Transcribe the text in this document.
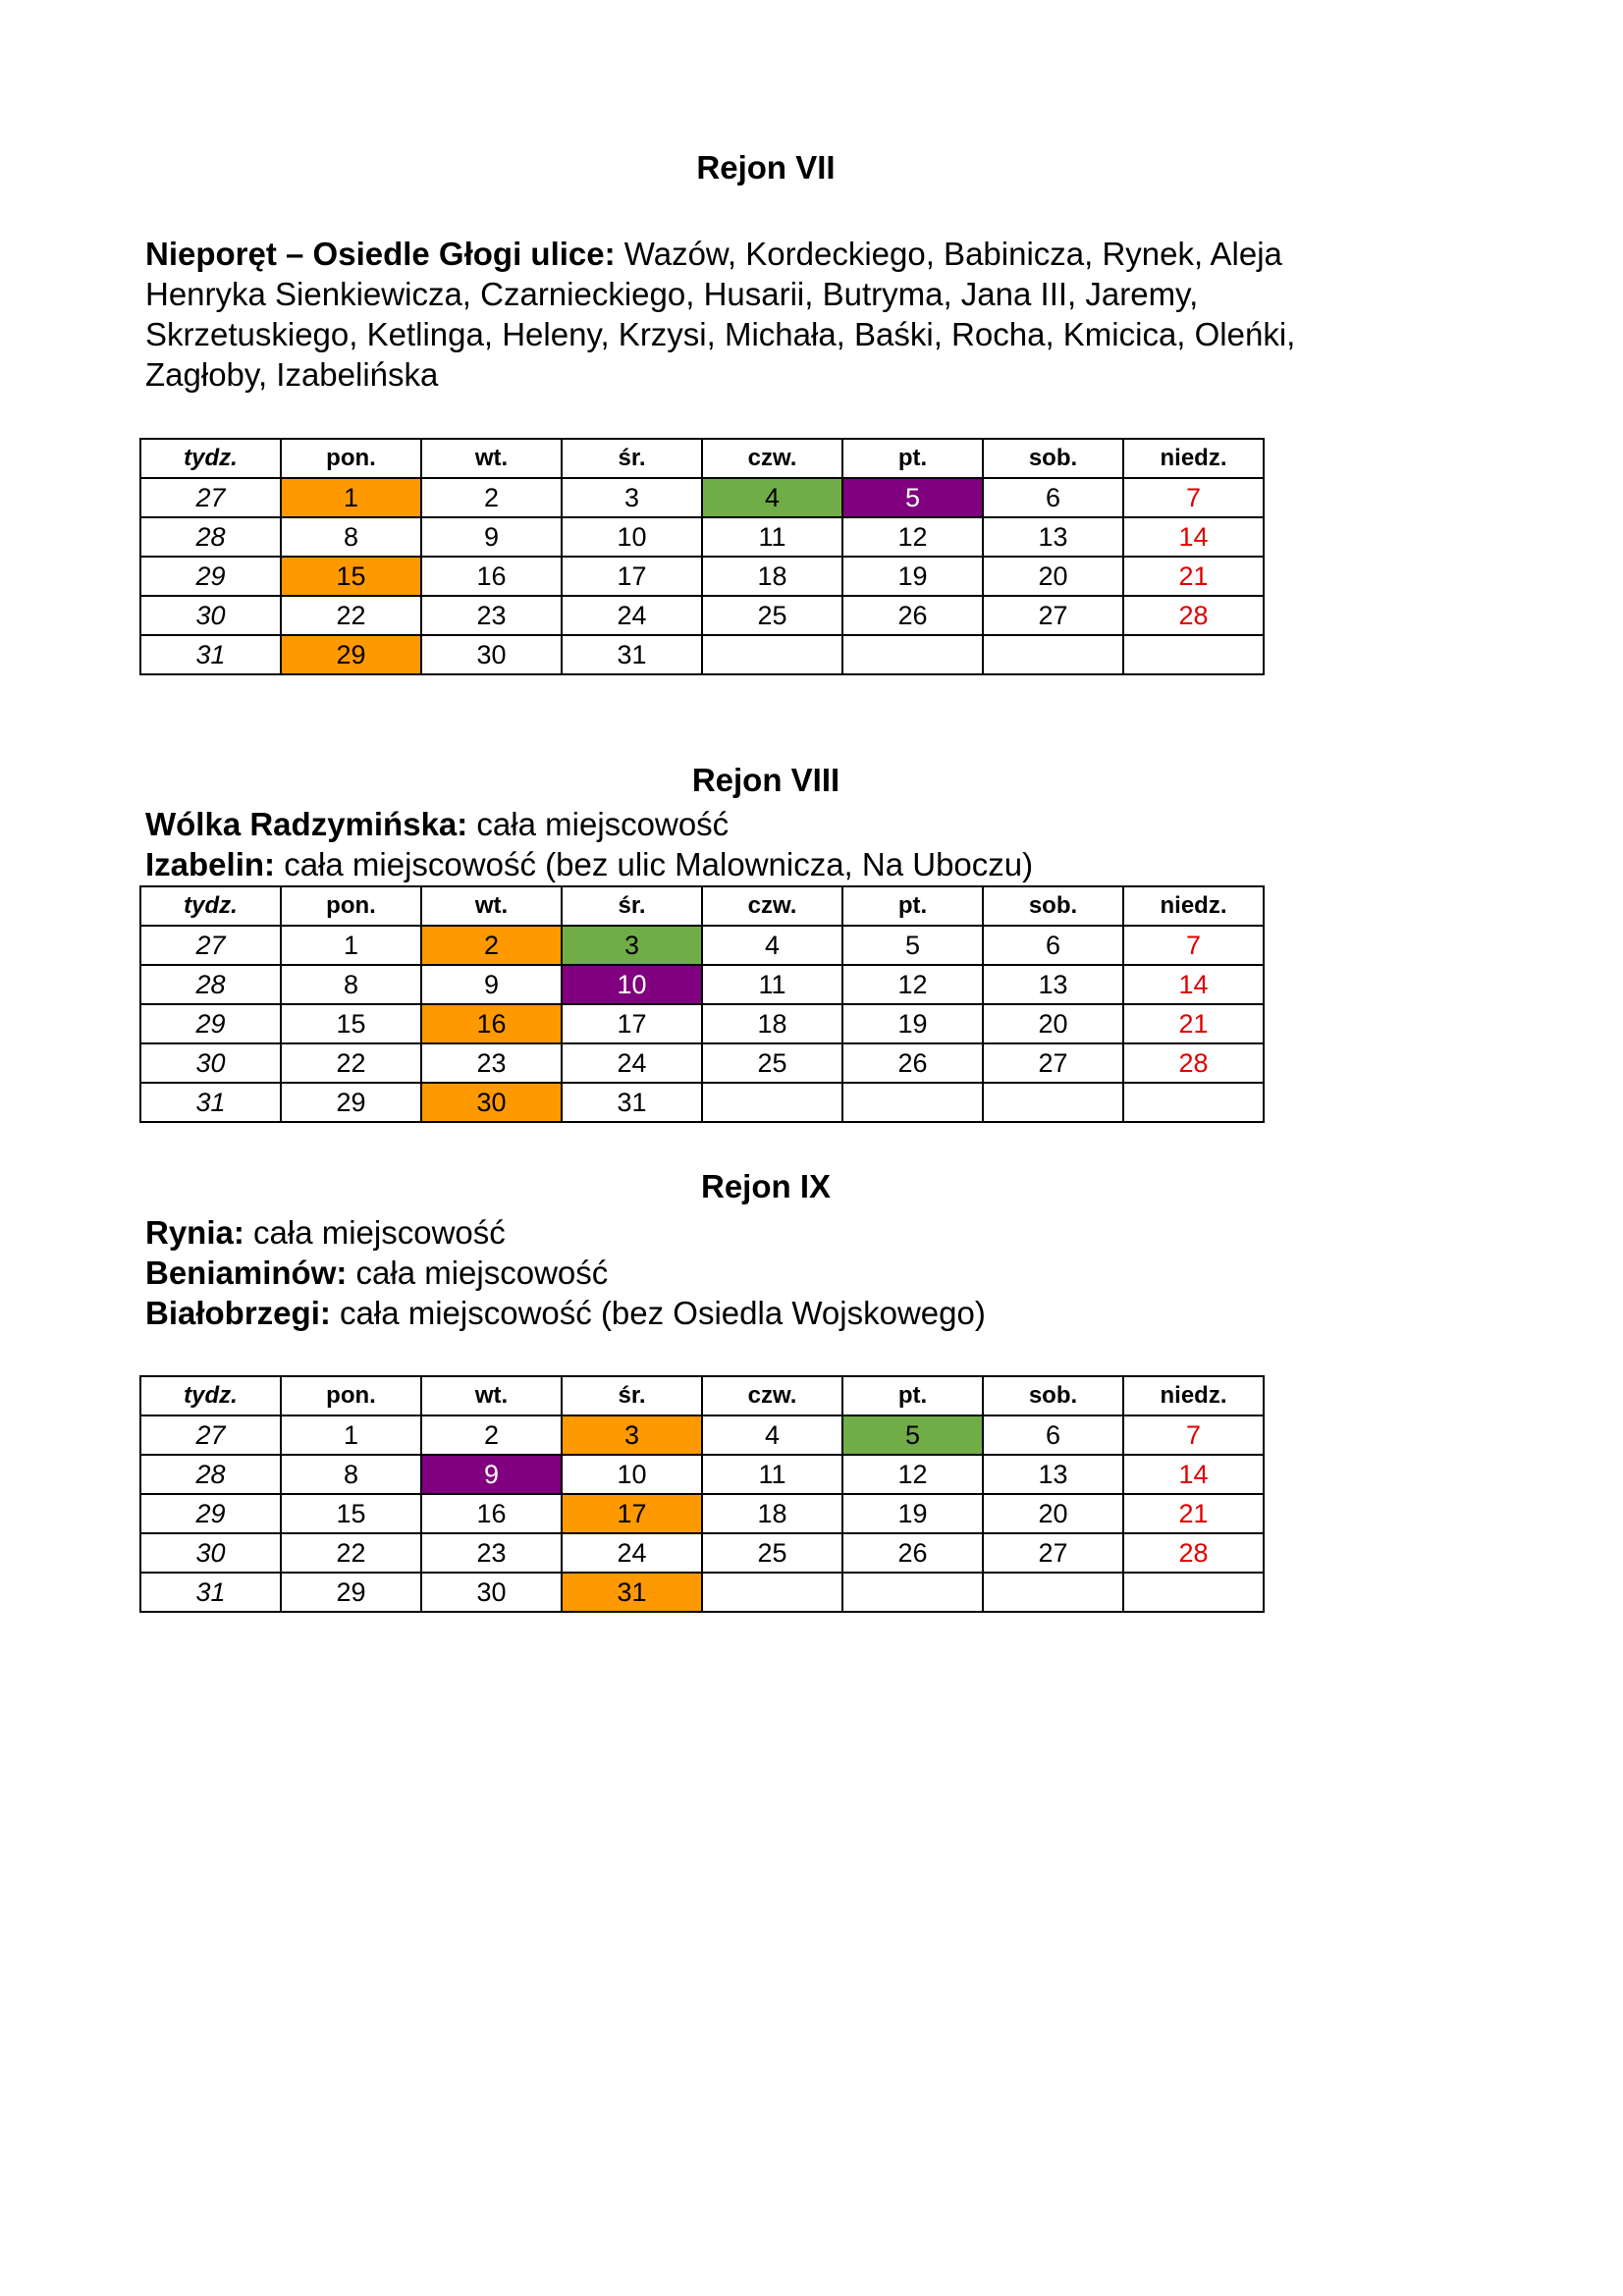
Rejon VII

Nieporęt – Osiedle Głogi ulice: Wazów, Kordeckiego, Babinicza, Rynek, Aleja Henryka Sienkiewicza, Czarnieckiego, Husarii, Butryma, Jana III, Jaremy, Skrzetuskiego, Ketlinga, Heleny, Krzysi, Michała, Baśki, Rocha, Kmicica, Oleńki, Zagłoby, Izabelińska

tydz.	pon.	wt.	śr.	czw.	pt.	sob.	niedz.
27	1	2	3	4	5	6	7
28	8	9	10	11	12	13	14
29	15	16	17	18	19	20	21
30	22	23	24	25	26	27	28
31	29	30	31				
Rejon VIII

Wólka Radzymińska: cała miejscowość

Izabelin: cała miejscowość (bez ulic Malownicza, Na Uboczu)

tydz.	pon.	wt.	śr.	czw.	pt.	sob.	niedz.
27	1	2	3	4	5	6	7
28	8	9	10	11	12	13	14
29	15	16	17	18	19	20	21
30	22	23	24	25	26	27	28
31	29	30	31				
Rejon IX

Rynia: cała miejscowość

Beniaminów: cała miejscowość

Białobrzegi: cała miejscowość (bez Osiedla Wojskowego)

tydz.	pon.	wt.	śr.	czw.	pt.	sob.	niedz.
27	1	2	3	4	5	6	7
28	8	9	10	11	12	13	14
29	15	16	17	18	19	20	21
30	22	23	24	25	26	27	28
31	29	30	31				
